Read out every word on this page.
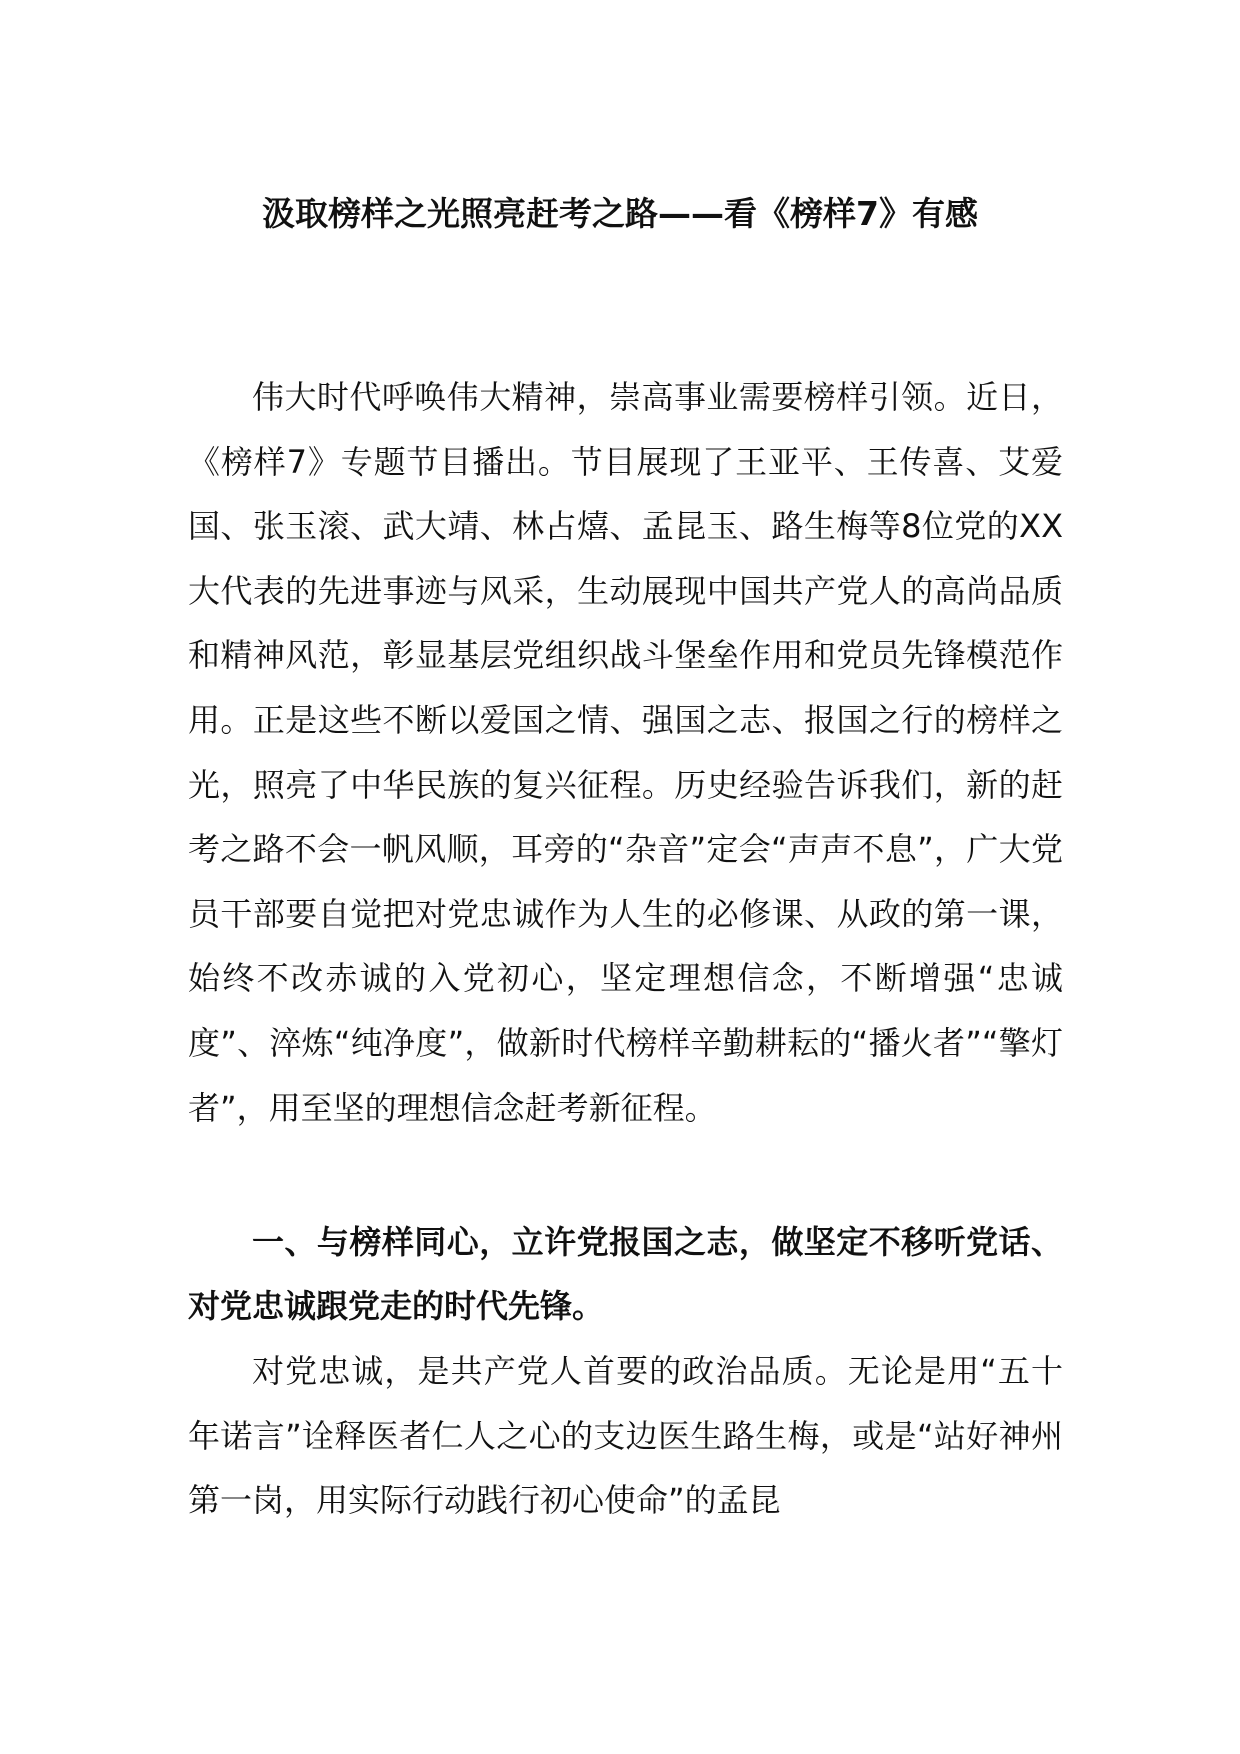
汲取榜样之光照亮赶考之路——看《榜样7》有感

伟大时代呼唤伟大精神，崇高事业需要榜样引领。近日，《榜样7》专题节目播出。节目展现了王亚平、王传喜、艾爱国、张玉滚、武大靖、林占熺、孟昆玉、路生梅等8位党的XX大代表的先进事迹与风采，生动展现中国共产党人的高尚品质和精神风范，彰显基层党组织战斗堡垒作用和党员先锋模范作用。正是这些不断以爱国之情、强国之志、报国之行的榜样之光，照亮了中华民族的复兴征程。历史经验告诉我们，新的赶考之路不会一帆风顺，耳旁的“杂音”定会“声声不息”，广大党员干部要自觉把对党忠诚作为人生的必修课、从政的第一课，始终不改赤诚的入党初心，坚定理想信念，不断增强“忠诚度”、淬炼“纯净度”，做新时代榜样辛勤耕耘的“播火者”“擎灯者”，用至坚的理想信念赶考新征程。

一、与榜样同心，立许党报国之志，做坚定不移听党话、对党忠诚跟党走的时代先锋。

对党忠诚，是共产党人首要的政治品质。无论是用“五十年诺言”诠释医者仁人之心的支边医生路生梅，或是“站好神州第一岗，用实际行动践行初心使命”的孟昆
